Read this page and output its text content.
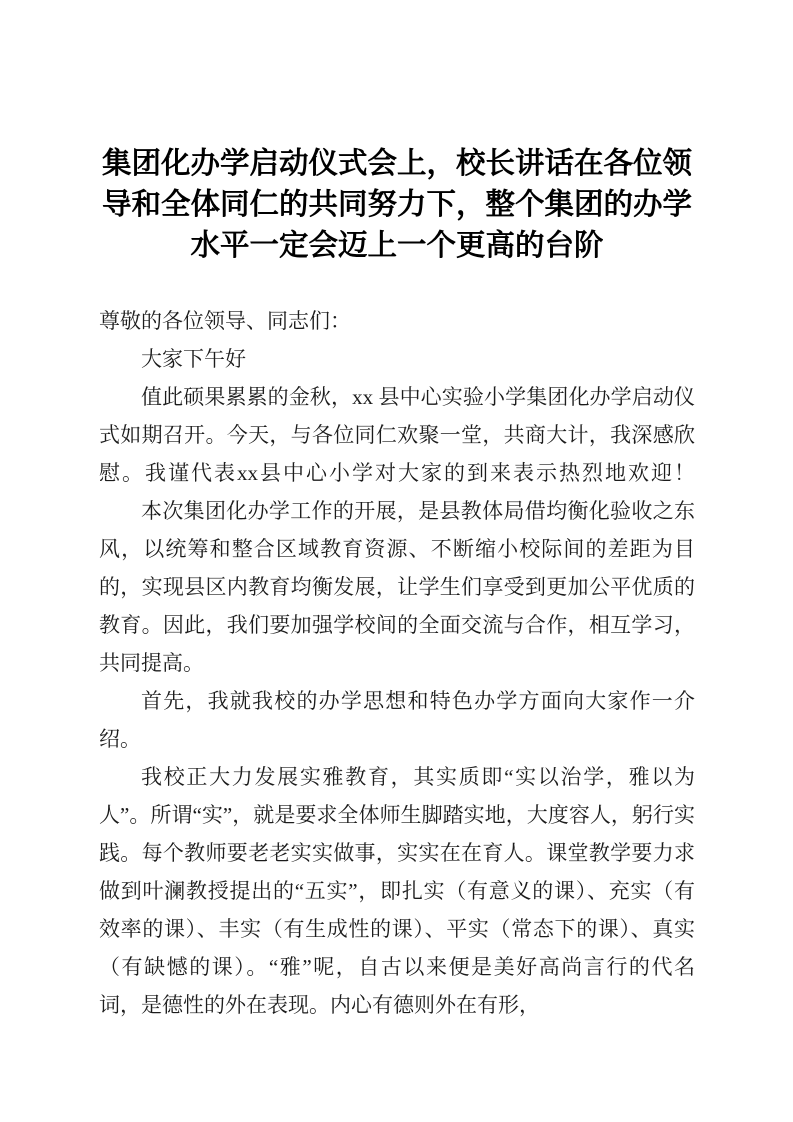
集团化办学启动仪式会上，校长讲话在各位领
导和全体同仁的共同努力下，整个集团的办学
水平一定会迈上一个更高的台阶

尊敬的各位领导、同志们：

大家下午好

值此硕果累累的金秋，xx 县中心实验小学集团化办学启动仪式如期召开。今天，与各位同仁欢聚一堂，共商大计，我深感欣慰。我谨代表xx县中心小学对大家的到来表示热烈地欢迎！

本次集团化办学工作的开展，是县教体局借均衡化验收之东风，以统筹和整合区域教育资源、不断缩小校际间的差距为目的，实现县区内教育均衡发展，让学生们享受到更加公平优质的教育。因此，我们要加强学校间的全面交流与合作，相互学习，共同提高。

首先，我就我校的办学思想和特色办学方面向大家作一介绍。

我校正大力发展实雅教育，其实质即“实以治学，雅以为人”。所谓“实”，就是要求全体师生脚踏实地，大度容人，躬行实践。每个教师要老老实实做事，实实在在育人。课堂教学要力求做到叶澜教授提出的“五实”，即扎实（有意义的课）、充实（有效率的课）、丰实（有生成性的课）、平实（常态下的课）、真实（有缺憾的课）。“雅”呢，自古以来便是美好高尚言行的代名词，是德性的外在表现。内心有德则外在有形，
